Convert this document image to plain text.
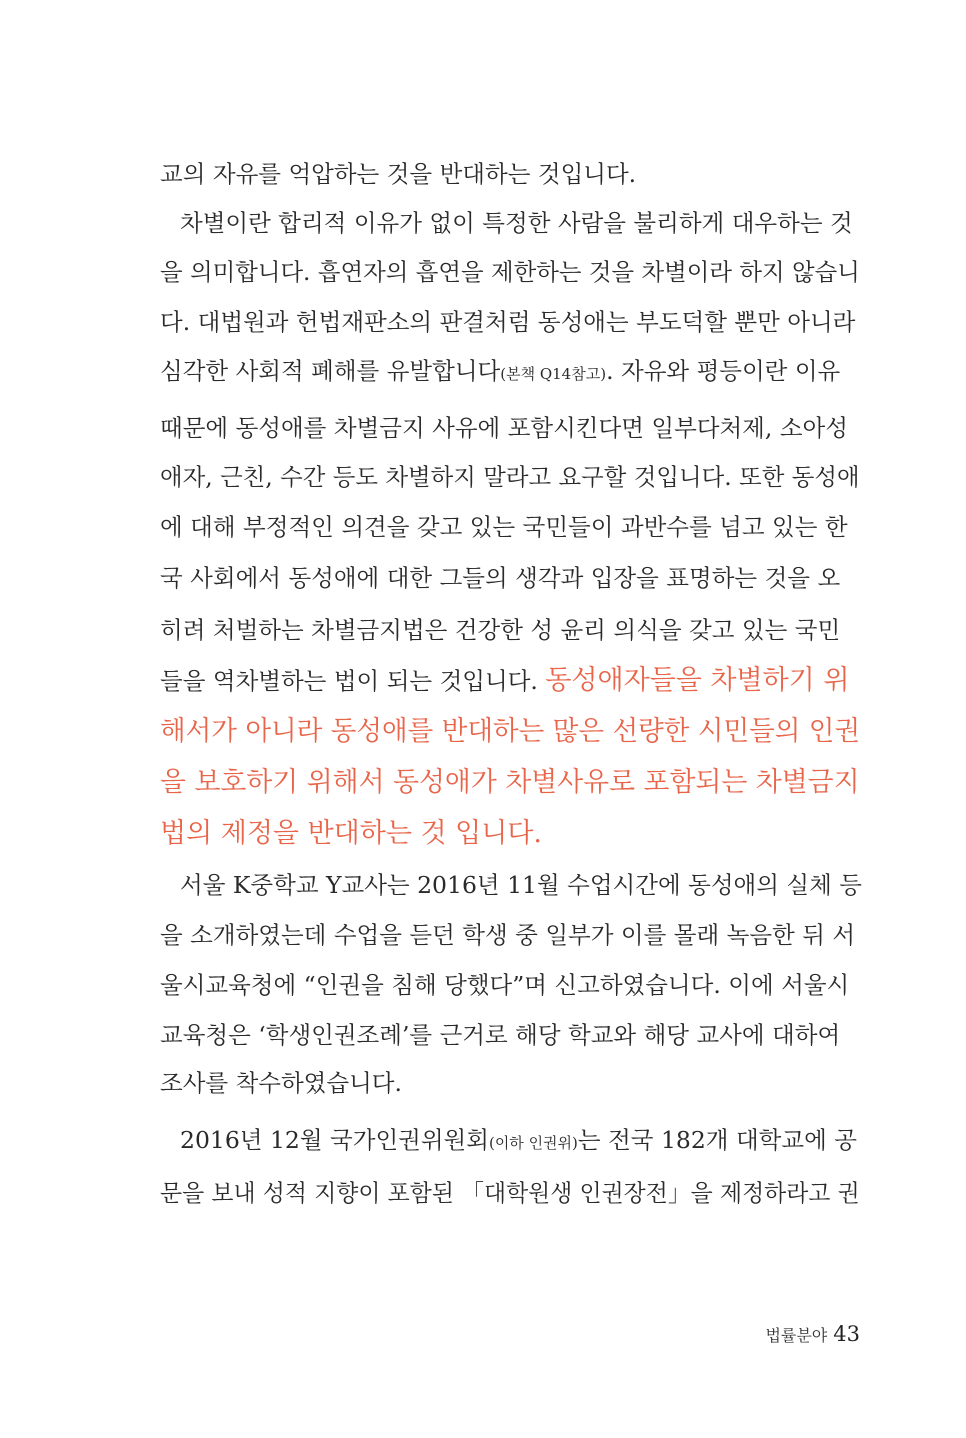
교의 자유를 억압하는 것을 반대하는 것입니다.
차별이란 합리적 이유가 없이 특정한 사람을 불리하게 대우하는 것
을 의미합니다. 흡연자의 흡연을 제한하는 것을 차별이라 하지 않습니
다. 대법원과 헌법재판소의 판결처럼 동성애는 부도덕할 뿐만 아니라
심각한 사회적 폐해를 유발합니다(본책 Q14참고). 자유와 평등이란 이유
때문에 동성애를 차별금지 사유에 포함시킨다면 일부다처제, 소아성
애자, 근친, 수간 등도 차별하지 말라고 요구할 것입니다. 또한 동성애
에 대해 부정적인 의견을 갖고 있는 국민들이 과반수를 넘고 있는 한
국 사회에서 동성애에 대한 그들의 생각과 입장을 표명하는 것을 오
히려 처벌하는 차별금지법은 건강한 성 윤리 의식을 갖고 있는 국민
들을 역차별하는 법이 되는 것입니다. 동성애자들을 차별하기 위
해서가 아니라 동성애를 반대하는 많은 선량한 시민들의 인권
을 보호하기 위해서 동성애가 차별사유로 포함되는 차별금지
법의 제정을 반대하는 것 입니다.
서울 K중학교 Y교사는 2016년 11월 수업시간에 동성애의 실체 등
을 소개하였는데 수업을 듣던 학생 중 일부가 이를 몰래 녹음한 뒤 서
울시교육청에 “인권을 침해 당했다”며 신고하였습니다. 이에 서울시
교육청은 ‘학생인권조례’를 근거로 해당 학교와 해당 교사에 대하여
조사를 착수하였습니다.
2016년 12월 국가인권위원회(이하 인권위)는 전국 182개 대학교에 공
문을 보내 성적 지향이 포함된 「대학원생 인권장전」을 제정하라고 권
법률분야 43
